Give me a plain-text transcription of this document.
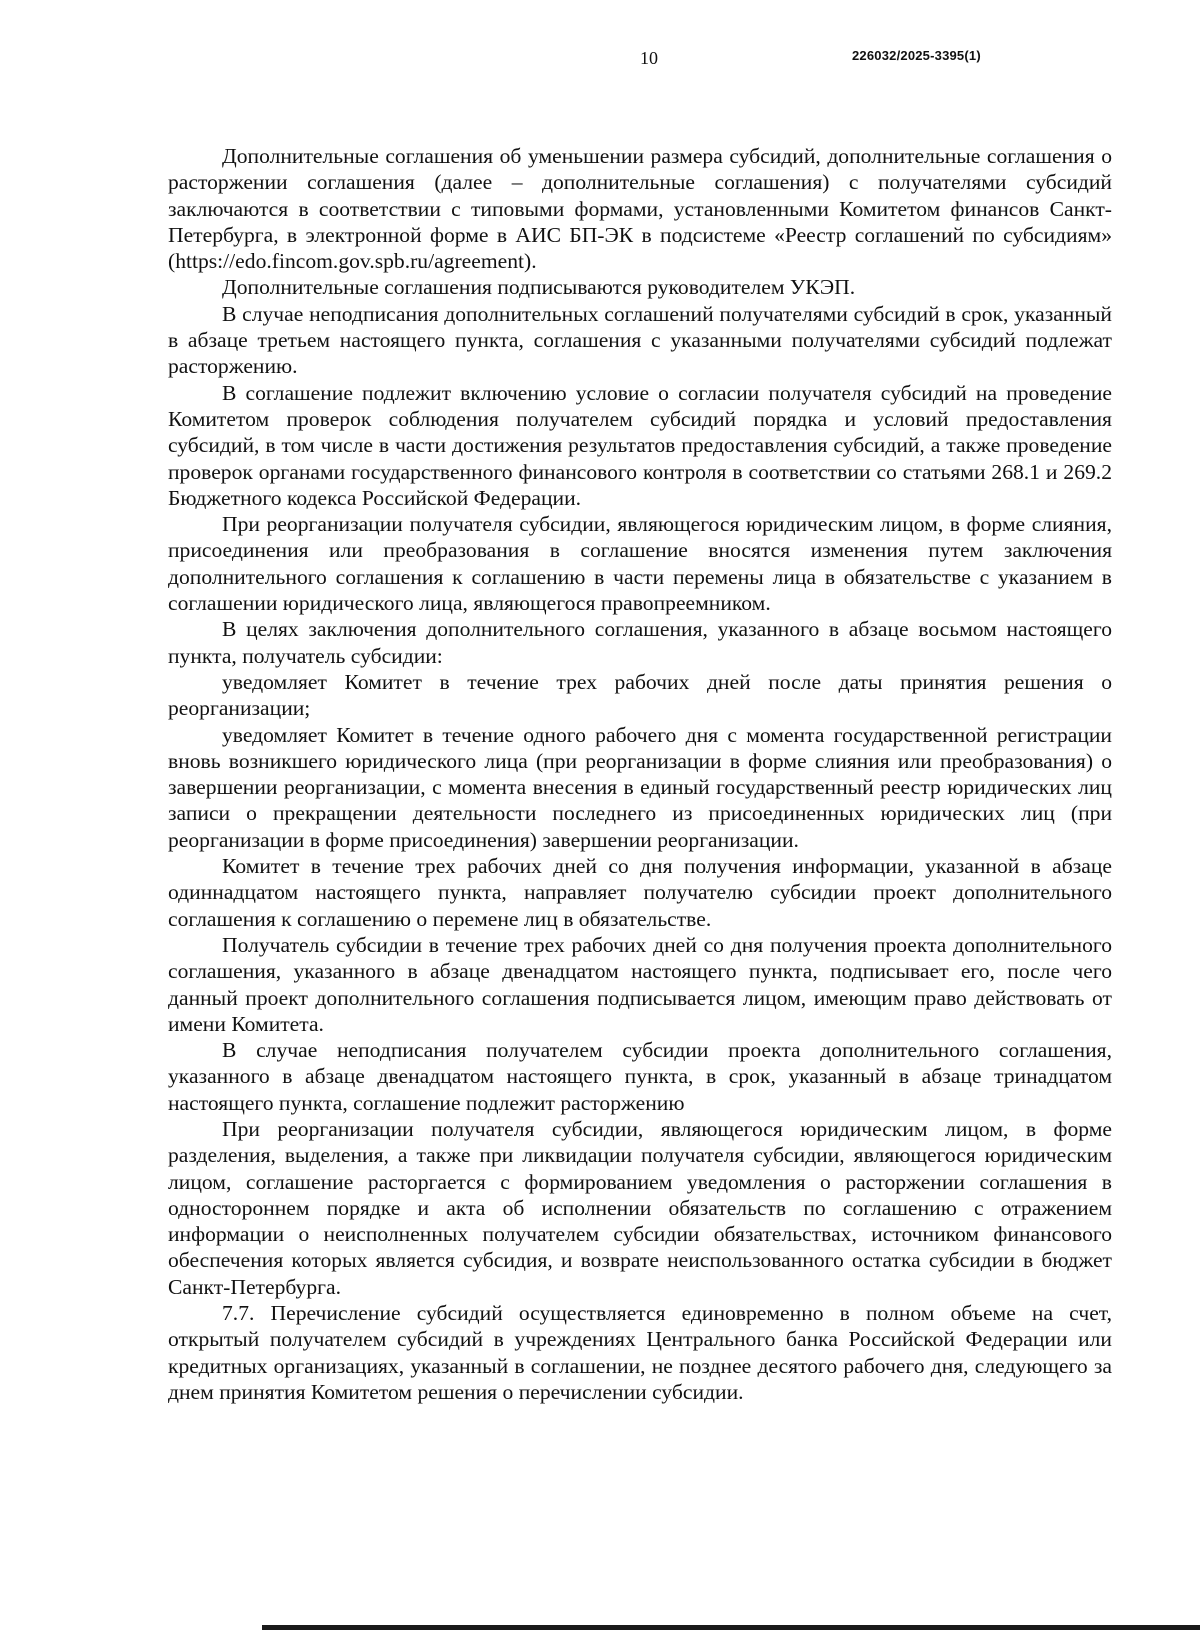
10	226032/2025-3395(1)

Дополнительные соглашения об уменьшении размера субсидий, дополнительные соглашения о расторжении соглашения (далее – дополнительные соглашения) с получателями субсидий заключаются в соответствии с типовыми формами, установленными Комитетом финансов Санкт-Петербурга, в электронной форме в АИС БП-ЭК в подсистеме «Реестр соглашений по субсидиям» (https://edo.fincom.gov.spb.ru/agreement).

Дополнительные соглашения подписываются руководителем УКЭП.

В случае неподписания дополнительных соглашений получателями субсидий в срок, указанный в абзаце третьем настоящего пункта, соглашения с указанными получателями субсидий подлежат расторжению.

В соглашение подлежит включению условие о согласии получателя субсидий на проведение Комитетом проверок соблюдения получателем субсидий порядка и условий предоставления субсидий, в том числе в части достижения результатов предоставления субсидий, а также проведение проверок органами государственного финансового контроля в соответствии со статьями 268.1 и 269.2 Бюджетного кодекса Российской Федерации.

При реорганизации получателя субсидии, являющегося юридическим лицом, в форме слияния, присоединения или преобразования в соглашение вносятся изменения путем заключения дополнительного соглашения к соглашению в части перемены лица в обязательстве с указанием в соглашении юридического лица, являющегося правопреемником.

В целях заключения дополнительного соглашения, указанного в абзаце восьмом настоящего пункта, получатель субсидии:

уведомляет Комитет в течение трех рабочих дней после даты принятия решения о реорганизации;

уведомляет Комитет в течение одного рабочего дня с момента государственной регистрации вновь возникшего юридического лица (при реорганизации в форме слияния или преобразования) о завершении реорганизации, с момента внесения в единый государственный реестр юридических лиц записи о прекращении деятельности последнего из присоединенных юридических лиц (при реорганизации в форме присоединения) завершении реорганизации.

Комитет в течение трех рабочих дней со дня получения информации, указанной в абзаце одиннадцатом настоящего пункта, направляет получателю субсидии проект дополнительного соглашения к соглашению о перемене лиц в обязательстве.

Получатель субсидии в течение трех рабочих дней со дня получения проекта дополнительного соглашения, указанного в абзаце двенадцатом настоящего пункта, подписывает его, после чего данный проект дополнительного соглашения подписывается лицом, имеющим право действовать от имени Комитета.

В случае неподписания получателем субсидии проекта дополнительного соглашения, указанного в абзаце двенадцатом настоящего пункта, в срок, указанный в абзаце тринадцатом настоящего пункта, соглашение подлежит расторжению

При реорганизации получателя субсидии, являющегося юридическим лицом, в форме разделения, выделения, а также при ликвидации получателя субсидии, являющегося юридическим лицом, соглашение расторгается с формированием уведомления о расторжении соглашения в одностороннем порядке и акта об исполнении обязательств по соглашению с отражением информации о неисполненных получателем субсидии обязательствах, источником финансового обеспечения которых является субсидия, и возврате неиспользованного остатка субсидии в бюджет Санкт-Петербурга.

7.7. Перечисление субсидий осуществляется единовременно в полном объеме на счет, открытый получателем субсидий в учреждениях Центрального банка Российской Федерации или кредитных организациях, указанный в соглашении, не позднее десятого рабочего дня, следующего за днем принятия Комитетом решения о перечислении субсидии.
